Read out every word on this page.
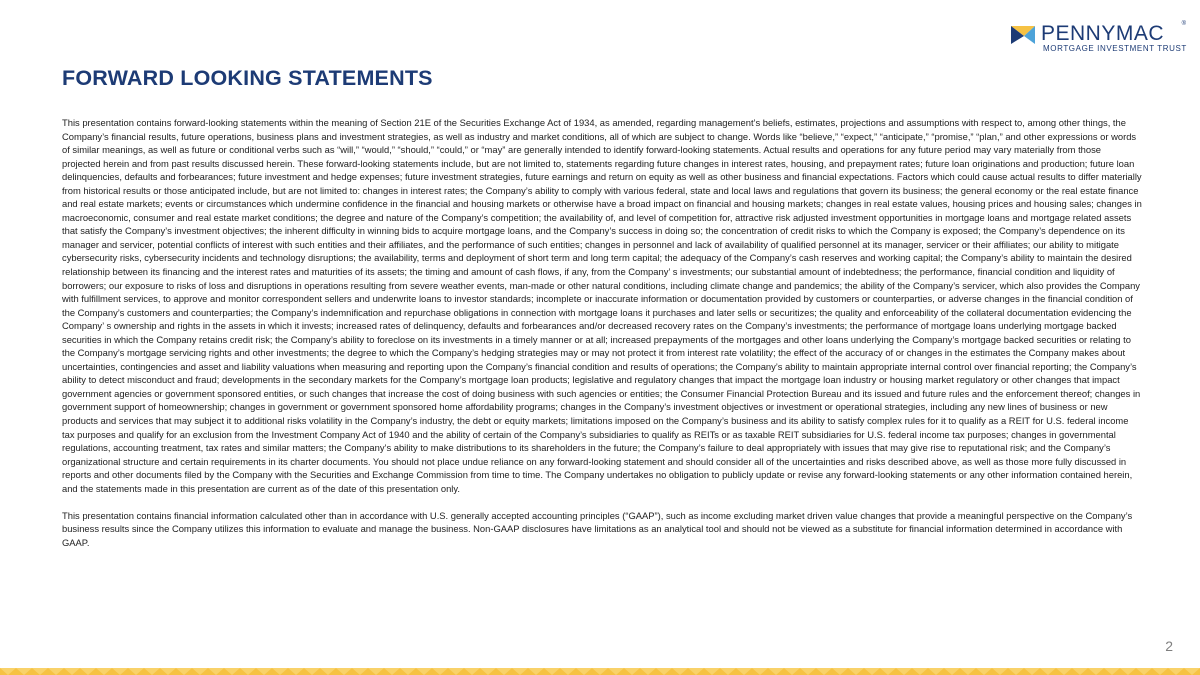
PENNYMAC	®
MORTGAGE INVESTMENT TRUST
FORWARD LOOKING STATEMENTS

This presentation contains forward-looking statements within the meaning of Section 21E of the Securities Exchange Act of 1934, as amended, regarding management’s beliefs, estimates, projections and assumptions with respect to, among other things, the Company’s financial results, future operations, business plans and investment strategies, as well as industry and market conditions, all of which are subject to change. Words like “believe,” “expect,” “anticipate,” “promise,” “plan,” and other expressions or words of similar meanings, as well as future or conditional verbs such as “will,” “would,” “should,” “could,” or “may” are generally intended to identify forward-looking statements. Actual results and operations for any future period may vary materially from those projected herein and from past results discussed herein. These forward-looking statements include, but are not limited to, statements regarding future changes in interest rates, housing, and prepayment rates; future loan originations and production; future loan delinquencies, defaults and forbearances; future investment and hedge expenses; future investment strategies, future earnings and return on equity as well as other business and financial expectations. Factors which could cause actual results to differ materially from historical results or those anticipated include, but are not limited to: changes in interest rates; the Company’s ability to comply with various federal, state and local laws and regulations that govern its business; the general economy or the real estate finance and real estate markets; events or circumstances which undermine confidence in the financial and housing markets or otherwise have a broad impact on financial and housing markets; changes in real estate values, housing prices and housing sales; changes in macroeconomic, consumer and real estate market conditions; the degree and nature of the Company’s competition; the availability of, and level of competition for, attractive risk adjusted investment opportunities in mortgage loans and mortgage related assets that satisfy the Company’s investment objectives; the inherent difficulty in winning bids to acquire mortgage loans, and the Company’s success in doing so; the concentration of credit risks to which the Company is exposed; the Company’s dependence on its manager and servicer, potential conflicts of interest with such entities and their affiliates, and the performance of such entities; changes in personnel and lack of availability of qualified personnel at its manager, servicer or their affiliates; our ability to mitigate cybersecurity risks, cybersecurity incidents and technology disruptions; the availability, terms and deployment of short term and long term capital; the adequacy of the Company’s cash reserves and working capital; the Company’s ability to maintain the desired relationship between its financing and the interest rates and maturities of its assets; the timing and amount of cash flows, if any, from the Company’ s investments; our substantial amount of indebtedness; the performance, financial condition and liquidity of borrowers; our exposure to risks of loss and disruptions in operations resulting from severe weather events, man-made or other natural conditions, including climate change and pandemics; the ability of the Company’s servicer, which also provides the Company with fulfillment services, to approve and monitor correspondent sellers and underwrite loans to investor standards; incomplete or inaccurate information or documentation provided by customers or counterparties, or adverse changes in the financial condition of the Company’s customers and counterparties; the Company’s indemnification and repurchase obligations in connection with mortgage loans it purchases and later sells or securitizes; the quality and enforceability of the collateral documentation evidencing the Company’ s ownership and rights in the assets in which it invests; increased rates of delinquency, defaults and forbearances and/or decreased recovery rates on the Company’s investments; the performance of mortgage loans underlying mortgage backed securities in which the Company retains credit risk; the Company’s ability to foreclose on its investments in a timely manner or at all; increased prepayments of the mortgages and other loans underlying the Company’s mortgage backed securities or relating to the Company’s mortgage servicing rights and other investments; the degree to which the Company’s hedging strategies may or may not protect it from interest rate volatility; the effect of the accuracy of or changes in the estimates the Company makes about uncertainties, contingencies and asset and liability valuations when measuring and reporting upon the Company’s financial condition and results of operations; the Company’s ability to maintain appropriate internal control over financial reporting; the Company’s ability to detect misconduct and fraud; developments in the secondary markets for the Company’s mortgage loan products; legislative and regulatory changes that impact the mortgage loan industry or housing market regulatory or other changes that impact government agencies or government sponsored entities, or such changes that increase the cost of doing business with such agencies or entities; the Consumer Financial Protection Bureau and its issued and future rules and the enforcement thereof; changes in government support of homeownership; changes in government or government sponsored home affordability programs; changes in the Company’s investment objectives or investment or operational strategies, including any new lines of business or new products and services that may subject it to additional risks volatility in the Company’s industry, the debt or equity markets; limitations imposed on the Company’s business and its ability to satisfy complex rules for it to qualify as a REIT for U.S. federal income tax purposes and qualify for an exclusion from the Investment Company Act of 1940 and the ability of certain of the Company’s subsidiaries to qualify as REITs or as taxable REIT subsidiaries for U.S. federal income tax purposes; changes in governmental regulations, accounting treatment, tax rates and similar matters; the Company’s ability to make distributions to its shareholders in the future; the Company’s failure to deal appropriately with issues that may give rise to reputational risk; and the Company’s organizational structure and certain requirements in its charter documents. You should not place undue reliance on any forward-looking statement and should consider all of the uncertainties and risks described above, as well as those more fully discussed in reports and other documents filed by the Company with the Securities and Exchange Commission from time to time. The Company undertakes no obligation to publicly update or revise any forward-looking statements or any other information contained herein, and the statements made in this presentation are current as of the date of this presentation only.

This presentation contains financial information calculated other than in accordance with U.S. generally accepted accounting principles (“GAAP”), such as income excluding market driven value changes that provide a meaningful perspective on the Company’s business results since the Company utilizes this information to evaluate and manage the business. Non-GAAP disclosures have limitations as an analytical tool and should not be viewed as a substitute for financial information determined in accordance with GAAP.

2
